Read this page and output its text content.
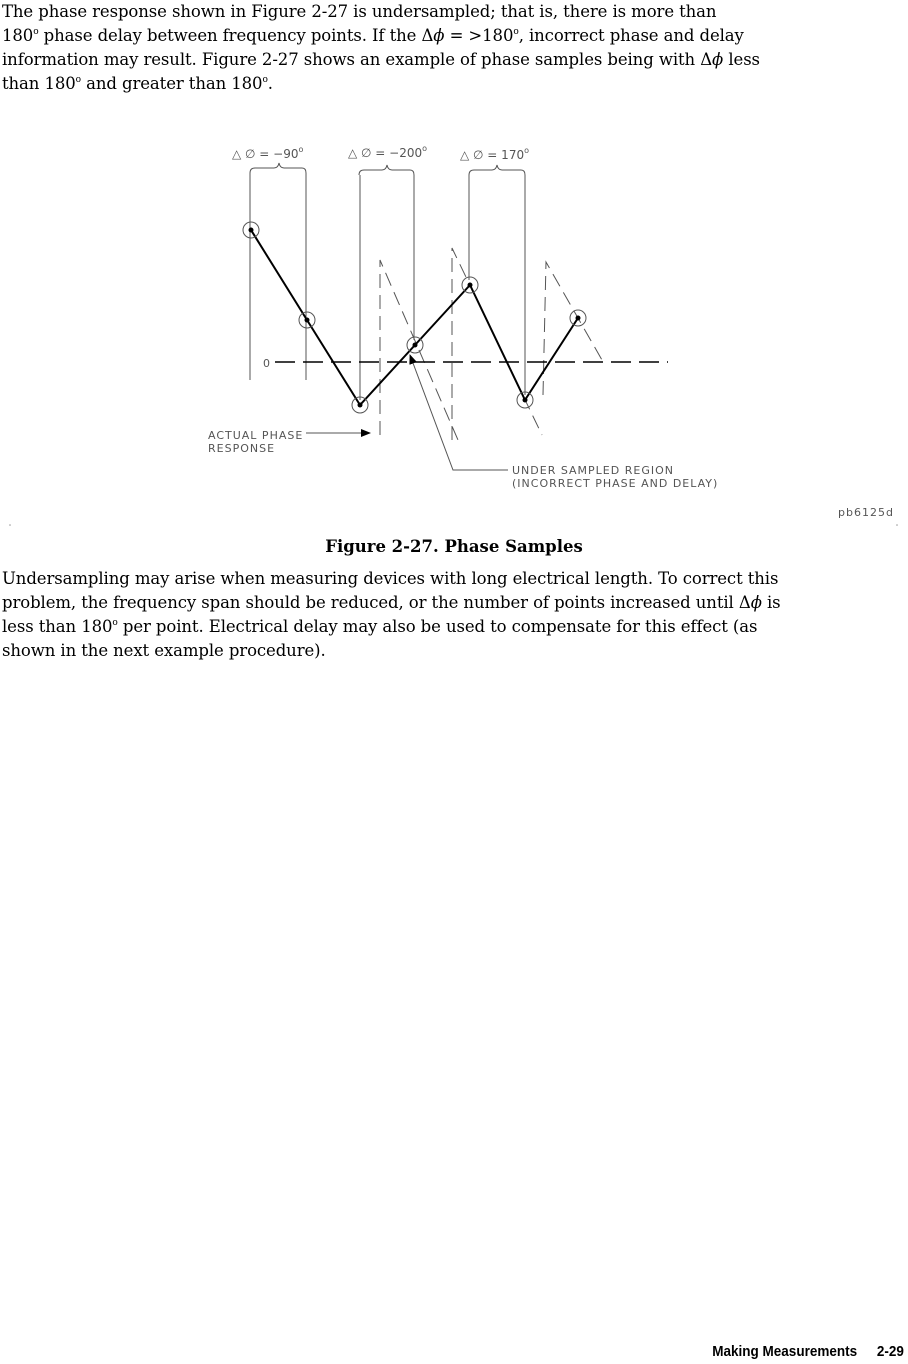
The phase response shown in Figure 2-27 is undersampled; that is, there is more than
180$^o$ phase delay between frequency points. If the $\Delta\phi = >180^o$, incorrect phase and delay
information may result. Figure 2-27 shows an example of phase samples being with Δϕ less
than 180$^o$ and greater than 180$^o$.
△ ∅ = $-90^o$	△ ∅ = $-200^o$	△ ∅ = $170^o$
0
ACTUAL PHASE
RESPONSE
UNDER SAMPLED REGION
(INCORRECT PHASE AND DELAY)
pb6125d
Figure 2-27. Phase Samples
Undersampling may arise when measuring devices with long electrical length. To correct this
problem, the frequency span should be reduced, or the number of points increased until Δϕ is
less than 180$^o$ per point. Electrical delay may also be used to compensate for this effect (as
shown in the next example procedure).
Making Measurements 2-29
